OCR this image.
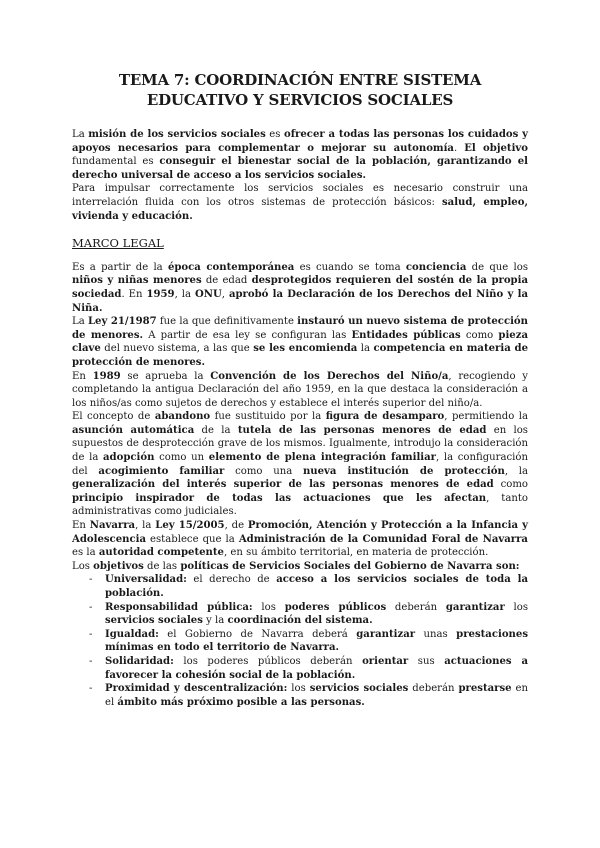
TEMA 7: COORDINACIÓN ENTRE SISTEMA EDUCATIVO Y SERVICIOS SOCIALES

La misión de los servicios sociales es ofrecer a todas las personas los cuidados y apoyos necesarios para complementar o mejorar su autonomía. El objetivo fundamental es conseguir el bienestar social de la población, garantizando el derecho universal de acceso a los servicios sociales.

Para impulsar correctamente los servicios sociales es necesario construir una interrelación fluida con los otros sistemas de protección básicos: salud, empleo, vivienda y educación.

MARCO LEGAL

Es a partir de la época contemporánea es cuando se toma conciencia de que los niños y niñas menores de edad desprotegidos requieren del sostén de la propia sociedad. En 1959, la ONU, aprobó la Declaración de los Derechos del Niño y la Niña.

La Ley 21/1987 fue la que definitivamente instauró un nuevo sistema de protección de menores. A partir de esa ley se configuran las Entidades públicas como pieza clave del nuevo sistema, a las que se les encomienda la competencia en materia de protección de menores.

En 1989 se aprueba la Convención de los Derechos del Niño/a, recogiendo y completando la antigua Declaración del año 1959, en la que destaca la consideración a los niños/as como sujetos de derechos y establece el interés superior del niño/a.

El concepto de abandono fue sustituido por la figura de desamparo, permitiendo la asunción automática de la tutela de las personas menores de edad en los supuestos de desprotección grave de los mismos. Igualmente, introdujo la consideración de la adopción como un elemento de plena integración familiar, la configuración del acogimiento familiar como una nueva institución de protección, la generalización del interés superior de las personas menores de edad como principio inspirador de todas las actuaciones que les afectan, tanto administrativas como judiciales.

En Navarra, la Ley 15/2005, de Promoción, Atención y Protección a la Infancia y Adolescencia establece que la Administración de la Comunidad Foral de Navarra es la autoridad competente, en su ámbito territorial, en materia de protección.

Los objetivos de las políticas de Servicios Sociales del Gobierno de Navarra son:

- Universalidad: el derecho de acceso a los servicios sociales de toda la población.
- Responsabilidad pública: los poderes públicos deberán garantizar los servicios sociales y la coordinación del sistema.
- Igualdad: el Gobierno de Navarra deberá garantizar unas prestaciones mínimas en todo el territorio de Navarra.
- Solidaridad: los poderes públicos deberán orientar sus actuaciones a favorecer la cohesión social de la población.
- Proximidad y descentralización: los servicios sociales deberán prestarse en el ámbito más próximo posible a las personas.
